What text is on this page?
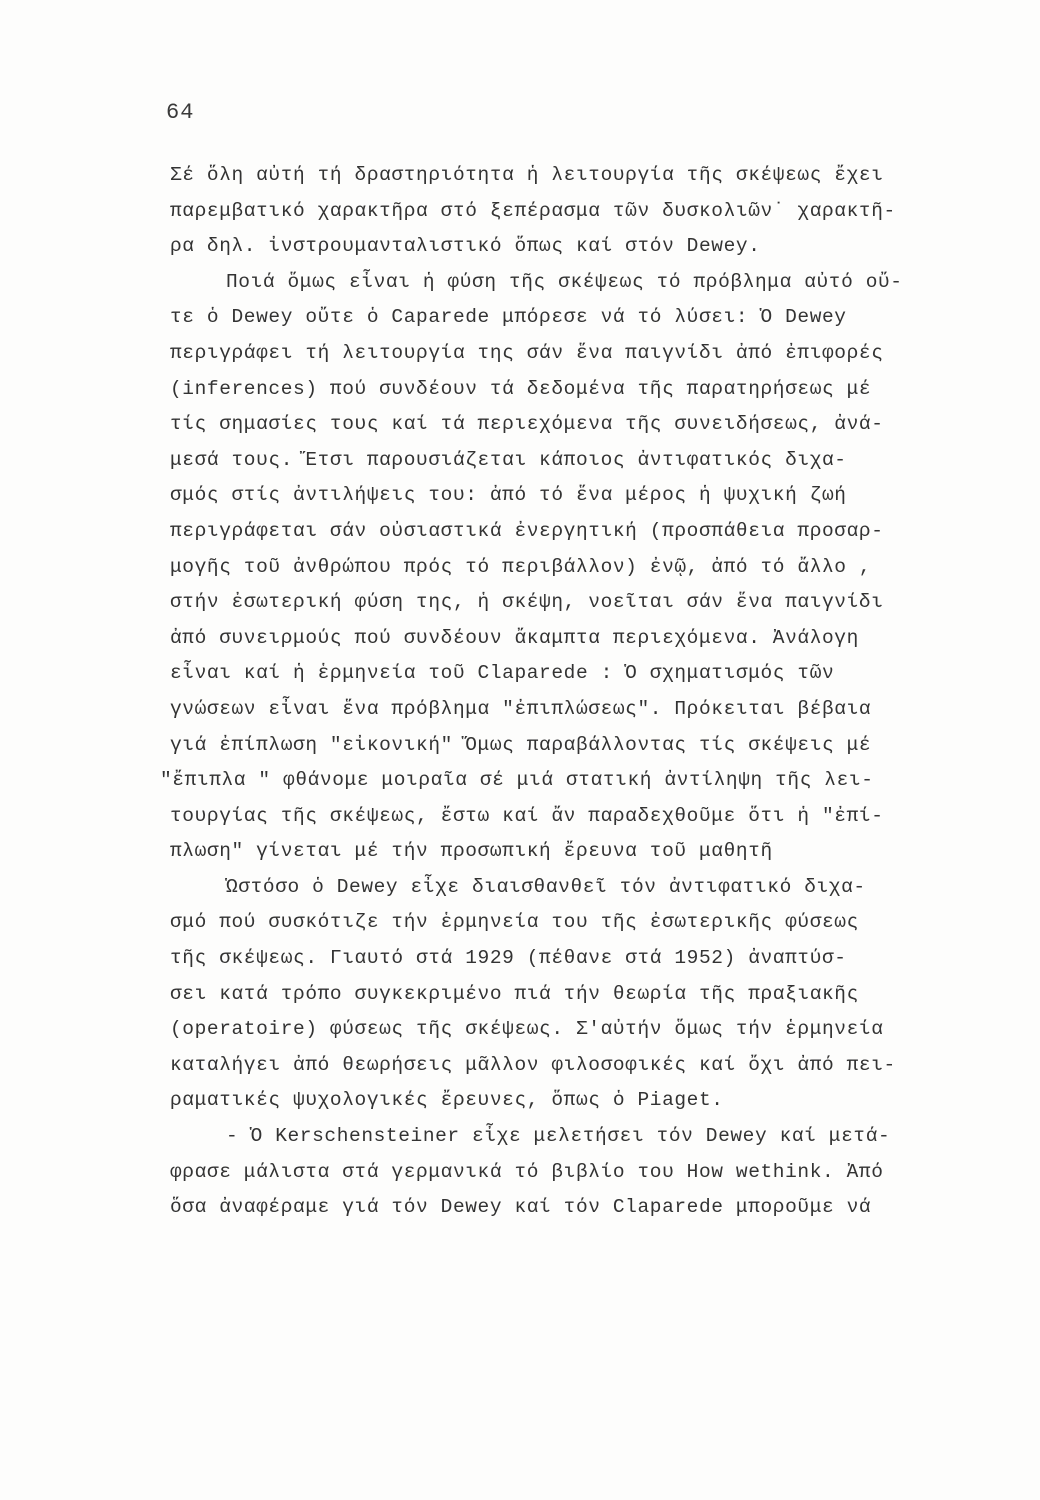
64
Σέ ὅλη αὐτή τή δραστηριότητα ἡ λειτουργία τῆς σκέψεως ἔχει
παρεμβατικό χαρακτῆρα στό ξεπέρασμα τῶν δυσκολιῶν˙ χαρακτῆ-
ρα δηλ. ἰνστρουμανταλιστικό ὅπως καί στόν Dewey.
Ποιά ὅμως εἶναι ἡ φύση τῆς σκέψεως τό πρόβλημα αὐτό οὔ-
τε ὁ Dewey οὔτε ὁ Caparede μπόρεσε νά τό λύσει: Ὁ Dewey
περιγράφει τή λειτουργία της σάν ἕνα παιγνίδι ἀπό ἐπιφορές
(inferences) πού συνδέουν τά δεδομένα τῆς παρατηρήσεως μέ
τίς σημασίες τους καί τά περιεχόμενα τῆς συνειδήσεως, ἀνά-
μεσά τους. Ἔτσι παρουσιάζεται κάποιος ἀντιφατικός διχα-
σμός στίς ἀντιλήψεις του: ἀπό τό ἕνα μέρος ἡ ψυχική ζωή
περιγράφεται σάν οὐσιαστικά ἐνεργητική (προσπάθεια προσαρ-
μογῆς τοῦ ἀνθρώπου πρός τό περιβάλλον) ἐνῷ, ἀπό τό ἄλλο ,
στήν ἐσωτερική φύση της, ἡ σκέψη, νοεῖται σάν ἕνα παιγνίδι
ἀπό συνειρμούς πού συνδέουν ἄκαμπτα περιεχόμενα. Ἀνάλογη
εἶναι καί ἡ ἑρμηνεία τοῦ Claparede : Ὁ σχηματισμός τῶν
γνώσεων εἶναι ἕνα πρόβλημα "ἐπιπλώσεως". Πρόκειται βέβαια
γιά ἐπίπλωση "εἰκονική" Ὅμως παραβάλλοντας τίς σκέψεις μέ
"ἔπιπλα " φθάνομε μοιραῖα σέ μιά στατική ἀντίληψη τῆς λει-
τουργίας τῆς σκέψεως, ἔστω καί ἄν παραδεχθοῦμε ὅτι ἡ "ἐπί-
πλωση" γίνεται μέ τήν προσωπική ἔρευνα τοῦ μαθητῆ
Ὡστόσο ὁ Dewey εἶχε διαισθανθεῖ τόν ἀντιφατικό διχα-
σμό πού συσκότιζε τήν ἑρμηνεία του τῆς ἐσωτερικῆς φύσεως
τῆς σκέψεως. Γιαυτό στά 1929 (πέθανε στά 1952) ἀναπτύσ-
σει κατά τρόπο συγκεκριμένο πιά τήν θεωρία τῆς πραξιακῆς
(operatoire) φύσεως τῆς σκέψεως. Σ'αὐτήν ὅμως τήν ἑρμηνεία
καταλήγει ἀπό θεωρήσεις μᾶλλον φιλοσοφικές καί ὄχι ἀπό πει-
ραματικές ψυχολογικές ἔρευνες, ὅπως ὁ Piaget.
- Ὁ Kerschensteiner εἶχε μελετήσει τόν Dewey καί μετά-
φρασε μάλιστα στά γερμανικά τό βιβλίο του How wethink. Ἀπό
ὅσα ἀναφέραμε γιά τόν Dewey καί τόν Claparede μποροῦμε νά
